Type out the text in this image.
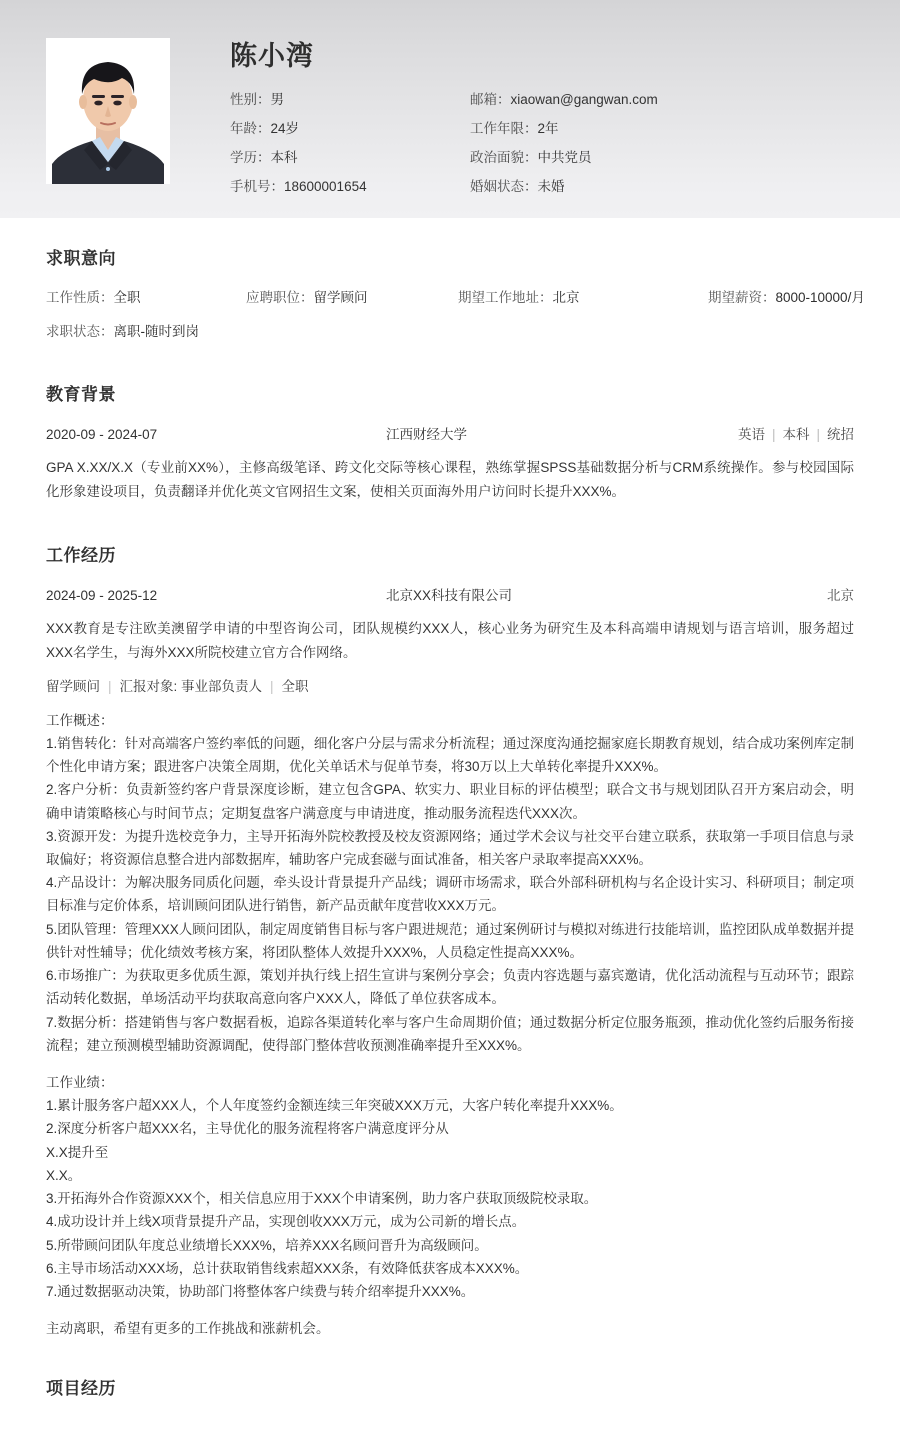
陈小湾
性别：男	邮箱：xiaowan@gangwan.com
年龄：24岁	工作年限：2年
学历：本科	政治面貌：中共党员
手机号：18600001654	婚姻状态：未婚
求职意向
工作性质：全职	应聘职位：留学顾问	期望工作地址：北京	期望薪资：8000-10000/月
求职状态：离职-随时到岗
教育背景
2020-09 - 2024-07	江西财经大学	英语 | 本科 | 统招

GPA X.XX/X.X（专业前XX%），主修高级笔译、跨文化交际等核心课程，熟练掌握SPSS基础数据分析与CRM系统操作。参与校园国际化形象建设项目，负责翻译并优化英文官网招生文案，使相关页面海外用户访问时长提升XXX%。

工作经历
2024-09 - 2025-12	北京XX科技有限公司	北京

XXX教育是专注欧美澳留学申请的中型咨询公司，团队规模约XXX人，核心业务为研究生及本科高端申请规划与语言培训，服务超过XXX名学生，与海外XXX所院校建立官方合作网络。

留学顾问 | 汇报对象: 事业部负责人 | 全职
工作概述：
1.销售转化：针对高端客户签约率低的问题，细化客户分层与需求分析流程；通过深度沟通挖掘家庭长期教育规划，结合成功案例库定制个性化申请方案；跟进客户决策全周期，优化关单话术与促单节奏，将30万以上大单转化率提升XXX%。
2.客户分析：负责新签约客户背景深度诊断，建立包含GPA、软实力、职业目标的评估模型；联合文书与规划团队召开方案启动会，明确申请策略核心与时间节点；定期复盘客户满意度与申请进度，推动服务流程迭代XXX次。
3.资源开发：为提升选校竞争力，主导开拓海外院校教授及校友资源网络；通过学术会议与社交平台建立联系，获取第一手项目信息与录取偏好；将资源信息整合进内部数据库，辅助客户完成套磁与面试准备，相关客户录取率提高XXX%。
4.产品设计：为解决服务同质化问题，牵头设计背景提升产品线；调研市场需求，联合外部科研机构与名企设计实习、科研项目；制定项目标准与定价体系，培训顾问团队进行销售，新产品贡献年度营收XXX万元。
5.团队管理：管理XXX人顾问团队，制定周度销售目标与客户跟进规范；通过案例研讨与模拟对练进行技能培训，监控团队成单数据并提供针对性辅导；优化绩效考核方案，将团队整体人效提升XXX%，人员稳定性提高XXX%。
6.市场推广：为获取更多优质生源，策划并执行线上招生宣讲与案例分享会；负责内容选题与嘉宾邀请，优化活动流程与互动环节；跟踪活动转化数据，单场活动平均获取高意向客户XXX人，降低了单位获客成本。
7.数据分析：搭建销售与客户数据看板，追踪各渠道转化率与客户生命周期价值；通过数据分析定位服务瓶颈，推动优化签约后服务衔接流程；建立预测模型辅助资源调配，使得部门整体营收预测准确率提升至XXX%。
工作业绩：
1.累计服务客户超XXX人，个人年度签约金额连续三年突破XXX万元，大客户转化率提升XXX%。
2.深度分析客户超XXX名，主导优化的服务流程将客户满意度评分从
X.X提升至
X.X。
3.开拓海外合作资源XXX个，相关信息应用于XXX个申请案例，助力客户获取顶级院校录取。
4.成功设计并上线X项背景提升产品，实现创收XXX万元，成为公司新的增长点。
5.所带顾问团队年度总业绩增长XXX%，培养XXX名顾问晋升为高级顾问。
6.主导市场活动XXX场，总计获取销售线索超XXX条，有效降低获客成本XXX%。
7.通过数据驱动决策，协助部门将整体客户续费与转介绍率提升XXX%。

主动离职，希望有更多的工作挑战和涨薪机会。

项目经历
